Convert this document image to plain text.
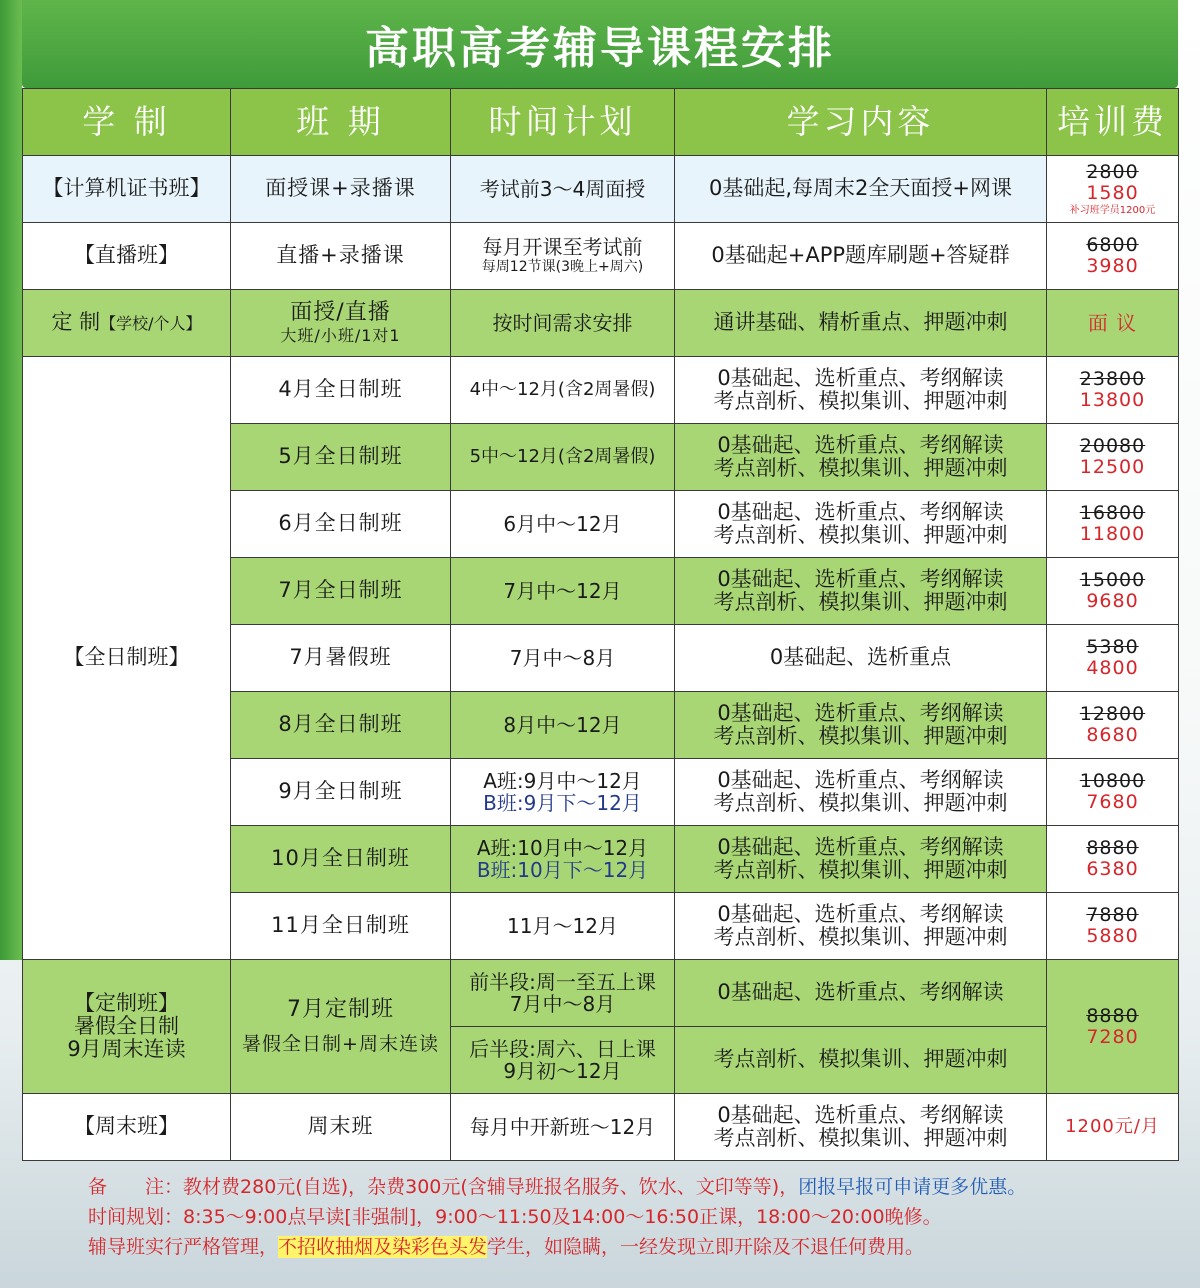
高职高考辅导课程安排
学 制	班 期	时间计划	学习内容	培训费
【计算机证书班】	面授课+录播课	考试前3～4周面授	0基础起,每周末2全天面授+网课	2800
1580
补习班学员1200元

【直播班】	直播+录播课	每月开课至考试前
每周12节课(3晚上+周六)	0基础起+APP题库刷题+答疑群	6800
3980

定 制【学校/个人】	面授/直播
大班/小班/1对1	按时间需求安排	通讲基础、精析重点、押题冲刺	面 议

【全日制班】	4月全日制班	4中～12月(含2周暑假)	0基础起、选析重点、考纲解读
考点剖析、模拟集训、押题冲刺	23800
13800

	5月全日制班	5中～12月(含2周暑假)	0基础起、选析重点、考纲解读
考点剖析、模拟集训、押题冲刺	20080
12500

	6月全日制班	6月中～12月	0基础起、选析重点、考纲解读
考点剖析、模拟集训、押题冲刺	16800
11800

	7月全日制班	7月中～12月	0基础起、选析重点、考纲解读
考点剖析、模拟集训、押题冲刺	15000
9680

	7月暑假班	7月中～8月	0基础起、选析重点	5380
4800

	8月全日制班	8月中～12月	0基础起、选析重点、考纲解读
考点剖析、模拟集训、押题冲刺	12800
8680

	9月全日制班	A班:9月中～12月
B班:9月下～12月	0基础起、选析重点、考纲解读
考点剖析、模拟集训、押题冲刺	10800
7680

	10月全日制班	A班:10月中～12月
B班:10月下～12月	0基础起、选析重点、考纲解读
考点剖析、模拟集训、押题冲刺	8880
6380

	11月全日制班	11月～12月	0基础起、选析重点、考纲解读
考点剖析、模拟集训、押题冲刺	7880
5880

【定制班】
暑假全日制
9月周末连读	7月定制班
暑假全日制+周末连读	前半段:周一至五上课
7月中～8月	0基础起、选析重点、考纲解读	8880
7280

		后半段:周六、日上课
9月初～12月	考点剖析、模拟集训、押题冲刺	
【周末班】	周末班	每月中开新班～12月	0基础起、选析重点、考纲解读
考点剖析、模拟集训、押题冲刺	1200元/月
备　　注：教材费280元(自选)，杂费300元(含辅导班报名服务、饮水、文印等等)，团报早报可申请更多优惠。
时间规划：8:35～9:00点早读[非强制]，9:00～11:50及14:00～16:50正课，18:00～20:00晚修。
辅导班实行严格管理，不招收抽烟及染彩色头发学生，如隐瞒，一经发现立即开除及不退任何费用。
